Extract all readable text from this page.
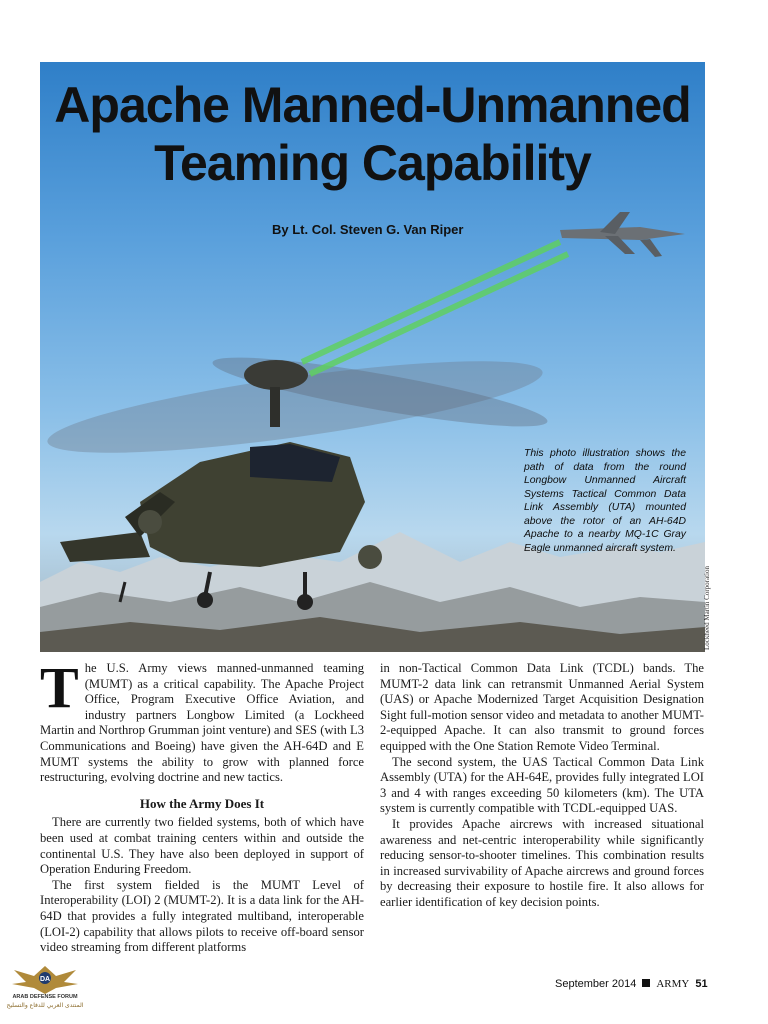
Apache Manned-Unmanned
Teaming Capability
By Lt. Col. Steven G. Van Riper
This photo illustration shows the path of data from the round Longbow Unmanned Aircraft Systems Tactical Common Data Link Assembly (UTA) mounted above the rotor of an AH-64D Apache to a nearby MQ-1C Gray Eagle unmanned aircraft system.
Lockheed Martin Corporation

The U.S. Army views manned-unmanned teaming (MUMT) as a critical capability. The Apache Project Office, Program Executive Office Aviation, and industry partners Longbow Limited (a Lockheed Martin and Northrop Grumman joint venture) and SES (with L3 Communications and Boeing) have given the AH-64D and E MUMT systems the ability to grow with planned force restructuring, evolving doctrine and new tactics.

How the Army Does It

There are currently two fielded systems, both of which have been used at combat training centers within and outside the continental U.S. They have also been deployed in support of Operation Enduring Freedom.

The first system fielded is the MUMT Level of Interoperability (LOI) 2 (MUMT-2). It is a data link for the AH-64D that provides a fully integrated multiband, interoperable (LOI-2) capability that allows pilots to receive off-board sensor video streaming from different platforms

in non-Tactical Common Data Link (TCDL) bands. The MUMT-2 data link can retransmit Unmanned Aerial System (UAS) or Apache Modernized Target Acquisition Designation Sight full-motion sensor video and metadata to another MUMT-2-equipped Apache. It can also transmit to ground forces equipped with the One Station Remote Video Terminal.

The second system, the UAS Tactical Common Data Link Assembly (UTA) for the AH-64E, provides fully integrated LOI 3 and 4 with ranges exceeding 50 kilometers (km). The UTA system is currently compatible with TCDL-equipped UAS.

It provides Apache aircrews with increased situational awareness and net-centric interoperability while significantly reducing sensor-to-shooter timelines. This combination results in increased survivability of Apache aircrews and ground forces by decreasing their exposure to hostile fire. It also allows for earlier identification of key decision points.

September 2014 ARMY 51
DA
ARAB DEFENSE FORUM
المنتدى العربي للدفاع والتسليح
